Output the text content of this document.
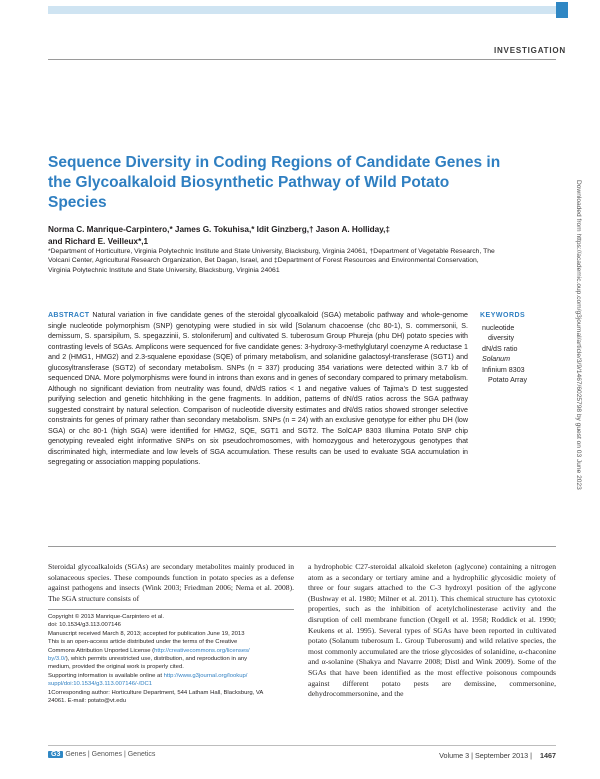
INVESTIGATION
Sequence Diversity in Coding Regions of Candidate Genes in the Glycoalkaloid Biosynthetic Pathway of Wild Potato Species
Norma C. Manrique-Carpintero,* James G. Tokuhisa,* Idit Ginzberg,† Jason A. Holliday,‡
and Richard E. Veilleux*,1
*Department of Horticulture, Virginia Polytechnic Institute and State University, Blacksburg, Virginia 24061, †Department of Vegetable Research, The Volcani Center, Agricultural Research Organization, Bet Dagan, Israel, and ‡Department of Forest Resources and Environmental Conservation, Virginia Polytechnic Institute and State University, Blacksburg, Virginia 24061

ABSTRACT Natural variation in five candidate genes of the steroidal glycoalkaloid (SGA) metabolic pathway and whole-genome single nucleotide polymorphism (SNP) genotyping were studied in six wild [Solanum chacoense (chc 80-1), S. commersonii, S. demissum, S. sparsipilum, S. spegazzinii, S. stoloniferum] and cultivated S. tuberosum Group Phureja (phu DH) potato species with contrasting levels of SGAs. Amplicons were sequenced for five candidate genes: 3-hydroxy-3-methylglutaryl coenzyme A reductase 1 and 2 (HMG1, HMG2) and 2.3-squalene epoxidase (SQE) of primary metabolism, and solanidine galactosyl-transferase (SGT1) and glucosyltransferase (SGT2) of secondary metabolism. SNPs (n = 337) producing 354 variations were detected within 3.7 kb of sequenced DNA. More polymorphisms were found in introns than exons and in genes of secondary compared to primary metabolism. Although no significant deviation from neutrality was found, dN/dS ratios < 1 and negative values of Tajima’s D test suggested purifying selection and genetic hitchhiking in the gene fragments. In addition, patterns of dN/dS ratios across the SGA pathway suggested constraint by natural selection. Comparison of nucleotide diversity estimates and dN/dS ratios showed stronger selective constraints for genes of primary rather than secondary metabolism. SNPs (n = 24) with an exclusive genotype for either phu DH (low SGA) or chc 80-1 (high SGA) were identified for HMG2, SQE, SGT1 and SGT2. The SolCAP 8303 Illumina Potato SNP chip genotyping revealed eight informative SNPs on six pseudochromosomes, with homozygous and heterozygous genotypes that discriminated high, intermediate and low levels of SGA accumulation. These results can be used to evaluate SGA accumulation in segregating or association mapping populations.

KEYWORDS
nucleotide
diversity
dN/dS ratio
Solanum
Infinium 8303
Potato Array

Steroidal glycoalkaloids (SGAs) are secondary metabolites mainly produced in solanaceous species. These compounds function in potato species as a defense against pathogens and insects (Wink 2003; Friedman 2006; Nema et al. 2008). The SGA structure consists of

a hydrophobic C27-steroidal alkaloid skeleton (aglycone) containing a nitrogen atom as a secondary or tertiary amine and a hydrophilic glycosidic moiety of three or four sugars attached to the C-3 hydroxyl position of the aglycone (Bushway et al. 1980; Milner et al. 2011). This chemical structure has cytotoxic properties, such as the inhibition of acetylcholinesterase activity and the disruption of cell membrane function (Orgell et al. 1958; Roddick et al. 1990; Keukens et al. 1995). Several types of SGAs have been reported in cultivated potato (Solanum tuberosum L. Group Tuberosum) and wild relative species, the most commonly accumulated are the triose glycosides of solanidine, α-chaconine and α-solanine (Shakya and Navarre 2008; Distl and Wink 2009). Some of the SGAs that have been identified as the most effective poisonous compounds against different potato pests are demissine, commersonine, dehydrocommersonine, and the

Copyright © 2013 Manrique-Carpintero et al.
doi: 10.1534/g3.113.007146
Manuscript received March 8, 2013; accepted for publication June 19, 2013
This is an open-access article distributed under the terms of the Creative
Commons Attribution Unported License (http://creativecommons.org/licenses/
by/3.0/), which permits unrestricted use, distribution, and reproduction in any
medium, provided the original work is properly cited.
Supporting information is available online at http://www.g3journal.org/lookup/
suppl/doi:10.1534/g3.113.007146/-/DC1
1Corresponding author: Horticulture Department, 544 Latham Hall, Blacksburg, VA
24061. E-mail: potato@vt.edu
G3 Genes | Genomes | Genetics	Volume 3 | September 2013 | 1467
Downloaded from https://academic.oup.com/g3journal/article/3/9/1467/6025798 by guest on 03 June 2023
